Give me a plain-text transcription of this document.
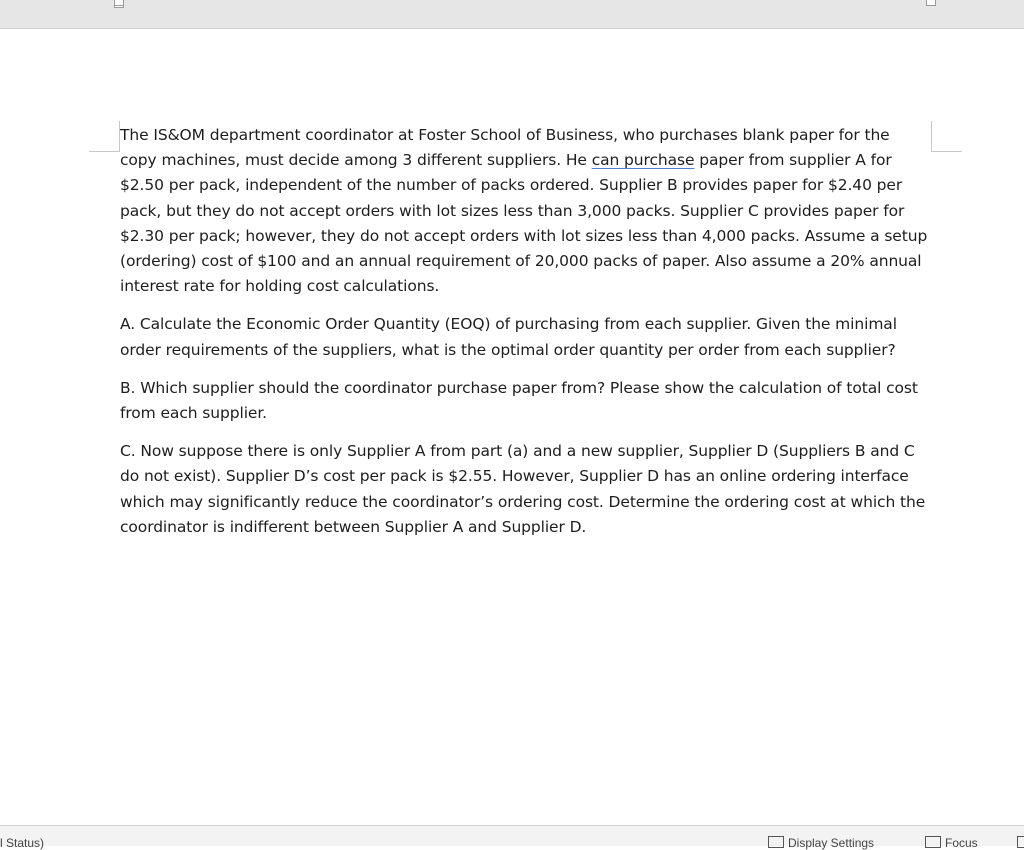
The IS&OM department coordinator at Foster School of Business, who purchases blank paper for the copy machines, must decide among 3 different suppliers. He can purchase paper from supplier A for $2.50 per pack, independent of the number of packs ordered. Supplier B provides paper for $2.40 per pack, but they do not accept orders with lot sizes less than 3,000 packs. Supplier C provides paper for $2.30 per pack; however, they do not accept orders with lot sizes less than 4,000 packs. Assume a setup (ordering) cost of $100 and an annual requirement of 20,000 packs of paper. Also assume a 20% annual interest rate for holding cost calculations.

A. Calculate the Economic Order Quantity (EOQ) of purchasing from each supplier. Given the minimal order requirements of the suppliers, what is the optimal order quantity per order from each supplier?

B. Which supplier should the coordinator purchase paper from? Please show the calculation of total cost from each supplier.

C. Now suppose there is only Supplier A from part (a) and a new supplier, Supplier D (Suppliers B and C do not exist). Supplier D’s cost per pack is $2.55. However, Supplier D has an online ordering interface which may significantly reduce the coordinator’s ordering cost. Determine the ordering cost at which the coordinator is indifferent between Supplier A and Supplier D.

l Status)	Display Settings	Focus
